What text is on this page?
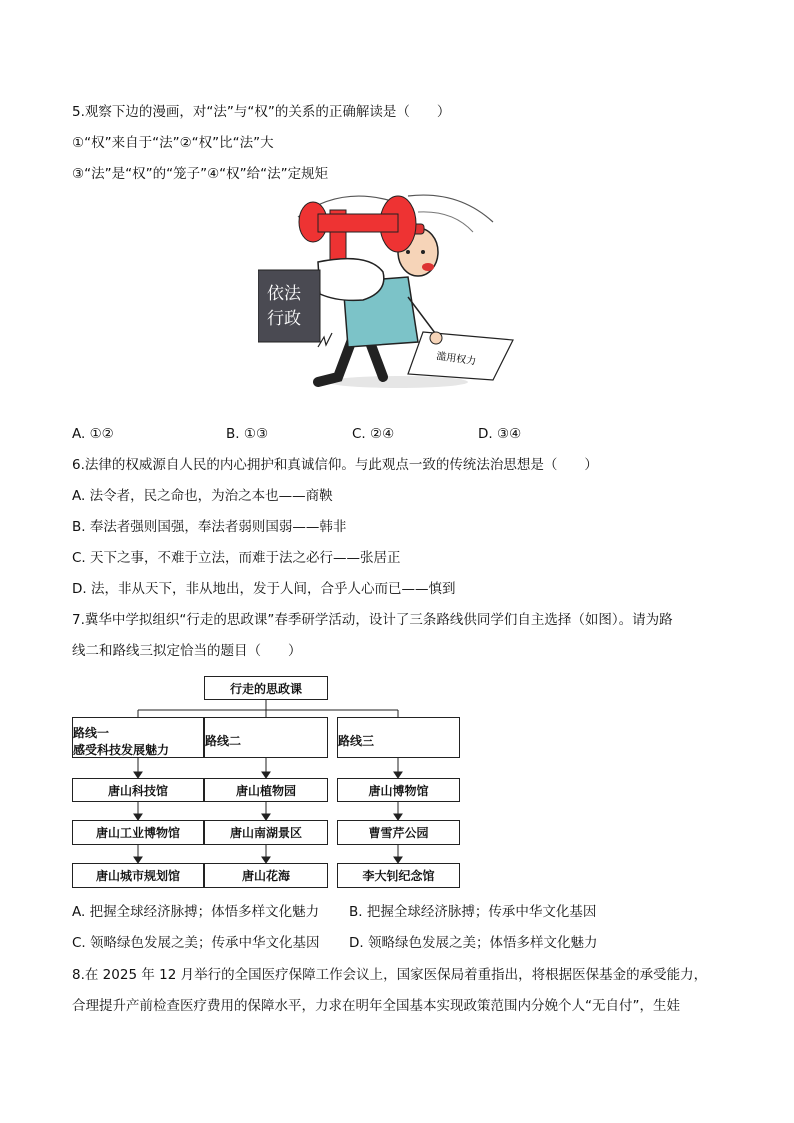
5.观察下边的漫画，对“法”与“权”的关系的正确解读是（　　）
①“权”来自于“法”②“权”比“法”大
③“法”是“权”的“笼子”④“权”给“法”定规矩
滥用权力
依法
行政
A. ①②	B. ①③	C. ②④	D. ③④
6.法律的权威源自人民的内心拥护和真诚信仰。与此观点一致的传统法治思想是（　　）
A. 法令者，民之命也，为治之本也——商鞅
B. 奉法者强则国强，奉法者弱则国弱——韩非
C. 天下之事，不难于立法，而难于法之必行——张居正
D. 法，非从天下，非从地出，发于人间，合乎人心而已——慎到
7.冀华中学拟组织“行走的思政课”春季研学活动，设计了三条路线供同学们自主选择（如图）。请为路
线二和路线三拟定恰当的题目（　　）
行走的思政课
路线一
感受科技发展魅力
路线二	路线三
唐山科技馆	唐山植物园	唐山博物馆
唐山工业博物馆	唐山南湖景区	曹雪芹公园
唐山城市规划馆	唐山花海	李大钊纪念馆
A. 把握全球经济脉搏；体悟多样文化魅力 B. 把握全球经济脉搏；传承中华文化基因
C. 领略绿色发展之美；传承中华文化基因 D. 领略绿色发展之美；体悟多样文化魅力
8.在 2025 年 12 月举行的全国医疗保障工作会议上，国家医保局着重指出，将根据医保基金的承受能力，
合理提升产前检查医疗费用的保障水平，力求在明年全国基本实现政策范围内分娩个人“无自付”，生娃
